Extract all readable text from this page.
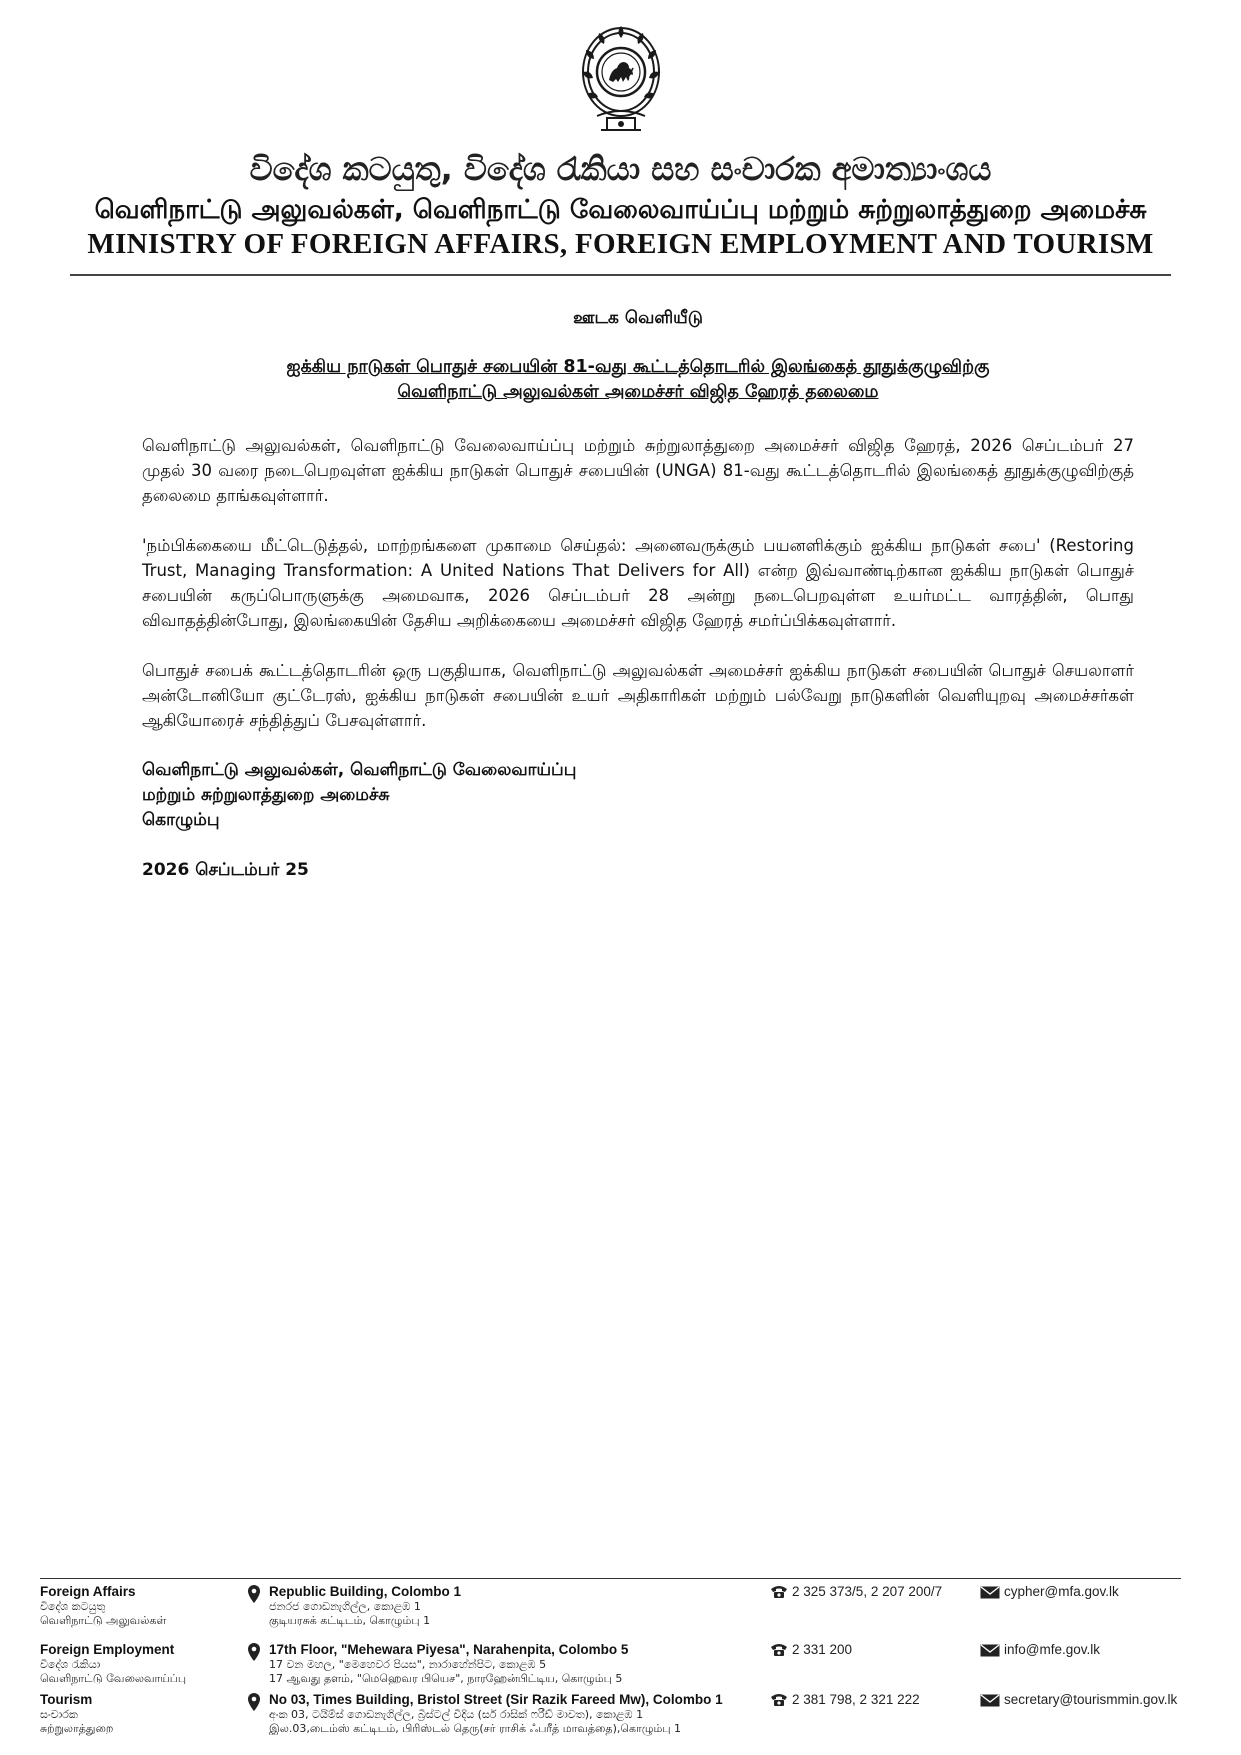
විදේශ කටයුතු, විදේශ රැකියා සහ සංචාරක අමාත්‍යාංශය
வெளிநாட்டு அலுவல்கள், வெளிநாட்டு வேலைவாய்ப்பு மற்றும் சுற்றுலாத்துறை அமைச்சு
MINISTRY OF FOREIGN AFFAIRS, FOREIGN EMPLOYMENT AND TOURISM
ஊடக வெளியீடு
ஐக்கிய நாடுகள் பொதுச் சபையின் 81-வது கூட்டத்தொடரில் இலங்கைத் தூதுக்குழுவிற்கு
வெளிநாட்டு அலுவல்கள் அமைச்சர் விஜித ஹேரத் தலைமை

வெளிநாட்டு அலுவல்கள், வெளிநாட்டு வேலைவாய்ப்பு மற்றும் சுற்றுலாத்துறை அமைச்சர் விஜித ஹேரத், 2026 செப்டம்பர் 27 முதல் 30 வரை நடைபெறவுள்ள ஐக்கிய நாடுகள் பொதுச் சபையின் (UNGA) 81-வது கூட்டத்தொடரில் இலங்கைத் தூதுக்குழுவிற்குத் தலைமை தாங்கவுள்ளார்.

'நம்பிக்கையை மீட்டெடுத்தல், மாற்றங்களை முகாமை செய்தல்: அனைவருக்கும் பயனளிக்கும் ஐக்கிய நாடுகள் சபை' (Restoring Trust, Managing Transformation: A United Nations That Delivers for All) என்ற இவ்வாண்டிற்கான ஐக்கிய நாடுகள் பொதுச் சபையின் கருப்பொருளுக்கு அமைவாக, 2026 செப்டம்பர் 28 அன்று நடைபெறவுள்ள உயர்மட்ட வாரத்தின், பொது விவாதத்தின்போது, இலங்கையின் தேசிய அறிக்கையை அமைச்சர் விஜித ஹேரத் சமர்ப்பிக்கவுள்ளார்.

பொதுச் சபைக் கூட்டத்தொடரின் ஒரு பகுதியாக, வெளிநாட்டு அலுவல்கள் அமைச்சர் ஐக்கிய நாடுகள் சபையின் பொதுச் செயலாளர் அன்டோனியோ குட்டேரஸ், ஐக்கிய நாடுகள் சபையின் உயர் அதிகாரிகள் மற்றும் பல்வேறு நாடுகளின் வெளியுறவு அமைச்சர்கள் ஆகியோரைச் சந்தித்துப் பேசவுள்ளார்.

வெளிநாட்டு அலுவல்கள், வெளிநாட்டு வேலைவாய்ப்பு
மற்றும் சுற்றுலாத்துறை அமைச்சு
கொழும்பு
2026 செப்டம்பர் 25
Foreign Affairs
විදේශ කටයුතු
வெளிநாட்டு அலுவல்கள்
Republic Building, Colombo 1
ජනරජ ගොඩනැගිල්ල, කොළඹ 1
குடியரசுக் கட்டிடம், கொழும்பு 1
2 325 373/5, 2 207 200/7	cypher@mfa.gov.lk
Foreign Employment
විදේශ රැකියා
வெளிநாட்டு வேலைவாய்ப்பு
17th Floor, "Mehewara Piyesa", Narahenpita, Colombo 5
17 වන මහල, "මෙහෙවර පියස", නාරාහේන්පිට, කොළඹ 5
17 ஆவது தளம், "மெஹெவர பியெச", நாரஹேன்பிட்டிய, கொழும்பு 5
2 331 200	info@mfe.gov.lk
Tourism
සංචාරක
சுற்றுலாத்துறை
No 03, Times Building, Bristol Street (Sir Razik Fareed Mw), Colombo 1
අංක 03, ටයිම්ස් ගොඩනැගිල්ල, බ්‍රිස්ටල් වීදිය (සර් රාසික් ෆරීඩ් මාවත), කොළඹ 1
இல.03,டைம்ஸ் கட்டிடம், பிரிஸ்டல் தெரு(சர் ராசிக் ஃபரீத் மாவத்தை),கொழும்பு 1
2 381 798, 2 321 222	secretary@tourismmin.gov.lk
